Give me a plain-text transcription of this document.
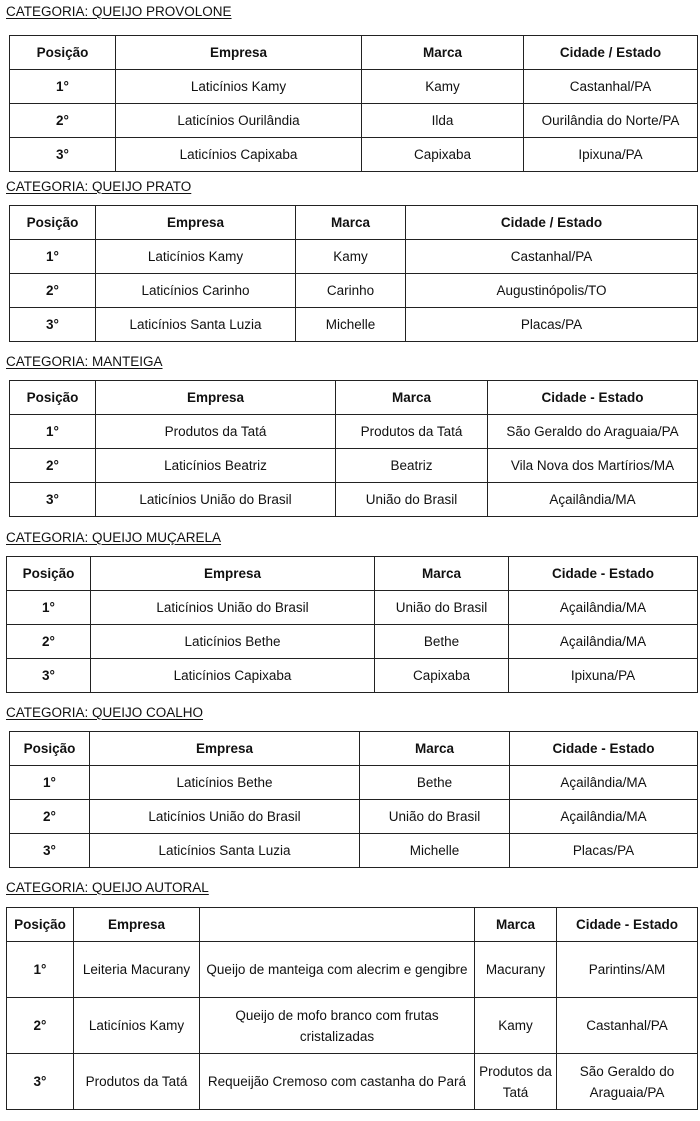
CATEGORIA: QUEIJO PROVOLONE
Posição	Empresa	Marca	Cidade / Estado
1°	Laticínios Kamy	Kamy	Castanhal/PA
2°	Laticínios Ourilândia	Ilda	Ourilândia do Norte/PA
3°	Laticínios Capixaba	Capixaba	Ipixuna/PA
CATEGORIA: QUEIJO PRATO
Posição	Empresa	Marca	Cidade / Estado
1°	Laticínios Kamy	Kamy	Castanhal/PA
2°	Laticínios Carinho	Carinho	Augustinópolis/TO
3°	Laticínios Santa Luzia	Michelle	Placas/PA
CATEGORIA: MANTEIGA
Posição	Empresa	Marca	Cidade - Estado
1°	Produtos da Tatá	Produtos da Tatá	São Geraldo do Araguaia/PA
2°	Laticínios Beatriz	Beatriz	Vila Nova dos Martírios/MA
3°	Laticínios União do Brasil	União do Brasil	Açailândia/MA
CATEGORIA: QUEIJO MUÇARELA
Posição	Empresa	Marca	Cidade - Estado
1°	Laticínios União do Brasil	União do Brasil	Açailândia/MA
2°	Laticínios Bethe	Bethe	Açailândia/MA
3°	Laticínios Capixaba	Capixaba	Ipixuna/PA
CATEGORIA: QUEIJO COALHO
Posição	Empresa	Marca	Cidade - Estado
1°	Laticínios Bethe	Bethe	Açailândia/MA
2°	Laticínios União do Brasil	União do Brasil	Açailândia/MA
3°	Laticínios Santa Luzia	Michelle	Placas/PA
CATEGORIA: QUEIJO AUTORAL
Posição	Empresa		Marca	Cidade - Estado
1°	Leiteria Macurany	Queijo de manteiga com alecrim e gengibre	Macurany	Parintins/AM
2°	Laticínios Kamy	Queijo de mofo branco com frutas cristalizadas	Kamy	Castanhal/PA
3°	Produtos da Tatá	Requeijão Cremoso com castanha do Pará	Produtos da Tatá	São Geraldo do Araguaia/PA
